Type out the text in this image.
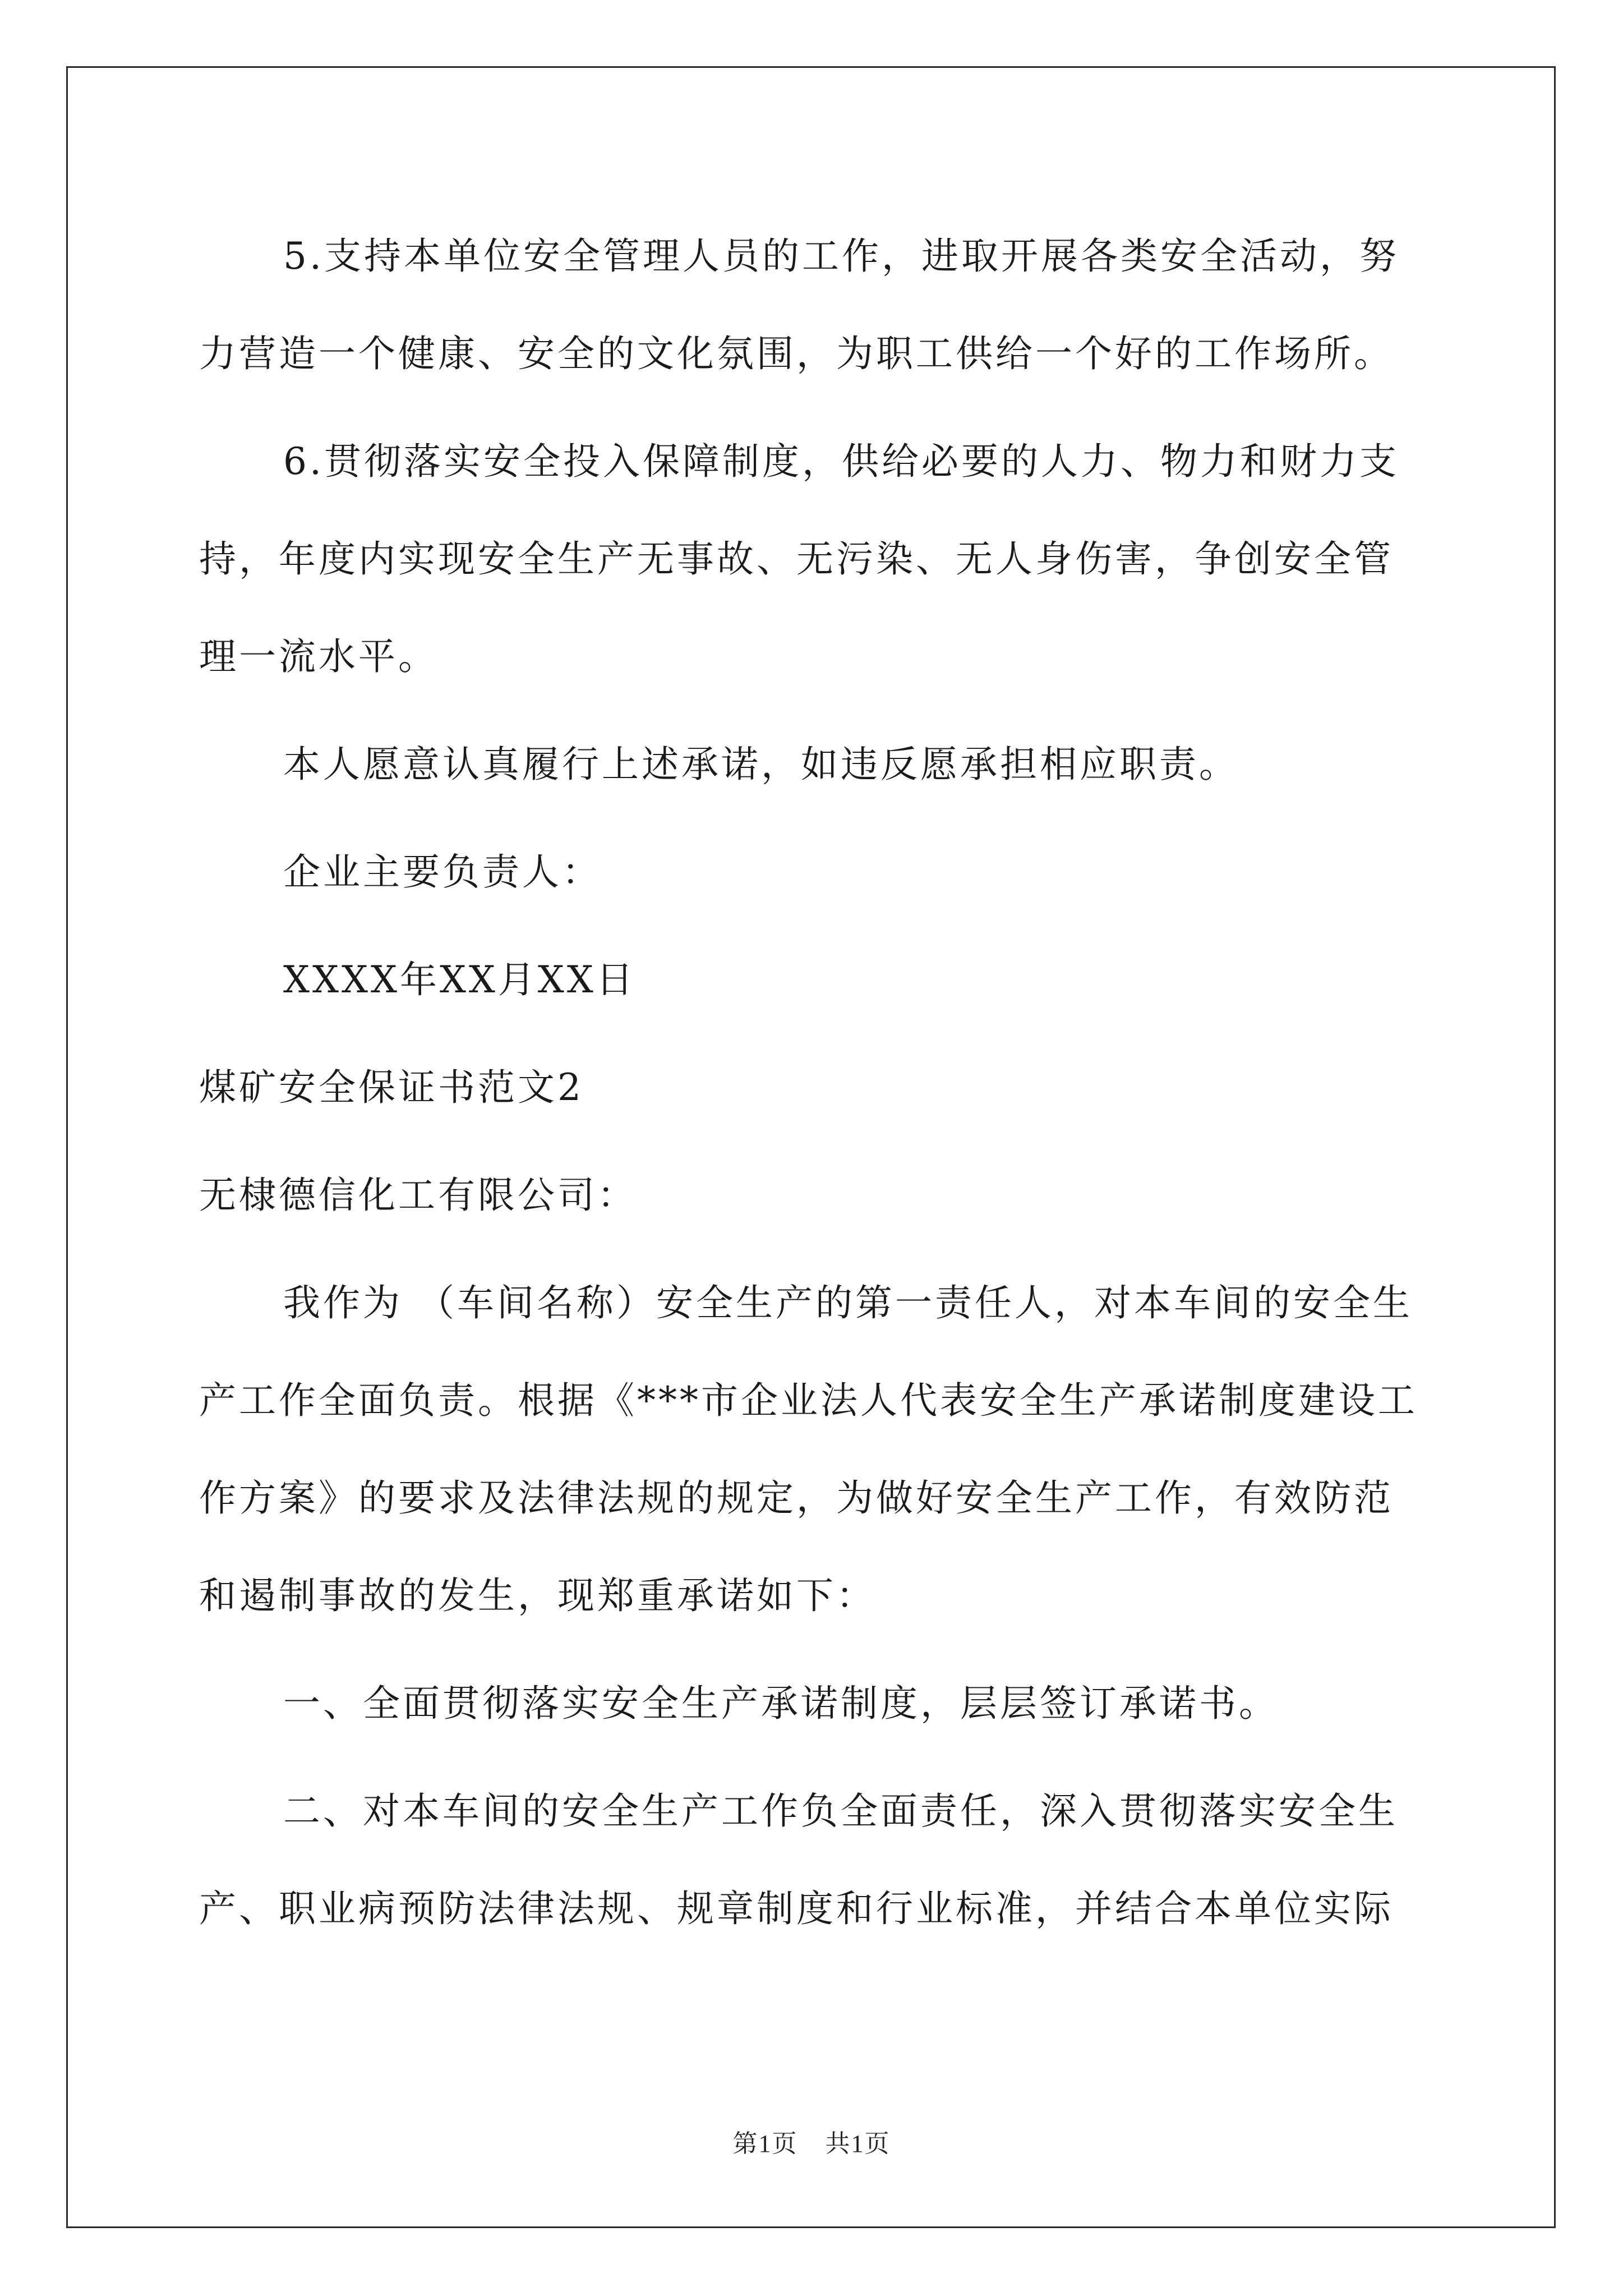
5.支持本单位安全管理人员的工作，进取开展各类安全活动，努力营造一个健康、安全的文化氛围，为职工供给一个好的工作场所。

6.贯彻落实安全投入保障制度，供给必要的人力、物力和财力支持，年度内实现安全生产无事故、无污染、无人身伤害，争创安全管理一流水平。

本人愿意认真履行上述承诺，如违反愿承担相应职责。

企业主要负责人：

XXXX年XX月XX日

煤矿安全保证书范文2

无棣德信化工有限公司：

我作为 （车间名称）安全生产的第一责任人，对本车间的安全生产工作全面负责。根据《***市企业法人代表安全生产承诺制度建设工作方案》的要求及法律法规的规定，为做好安全生产工作，有效防范和遏制事故的发生，现郑重承诺如下：

一、全面贯彻落实安全生产承诺制度，层层签订承诺书。

二、对本车间的安全生产工作负全面责任，深入贯彻落实安全生产、职业病预防法律法规、规章制度和行业标准，并结合本单位实际

第1页 共1页
